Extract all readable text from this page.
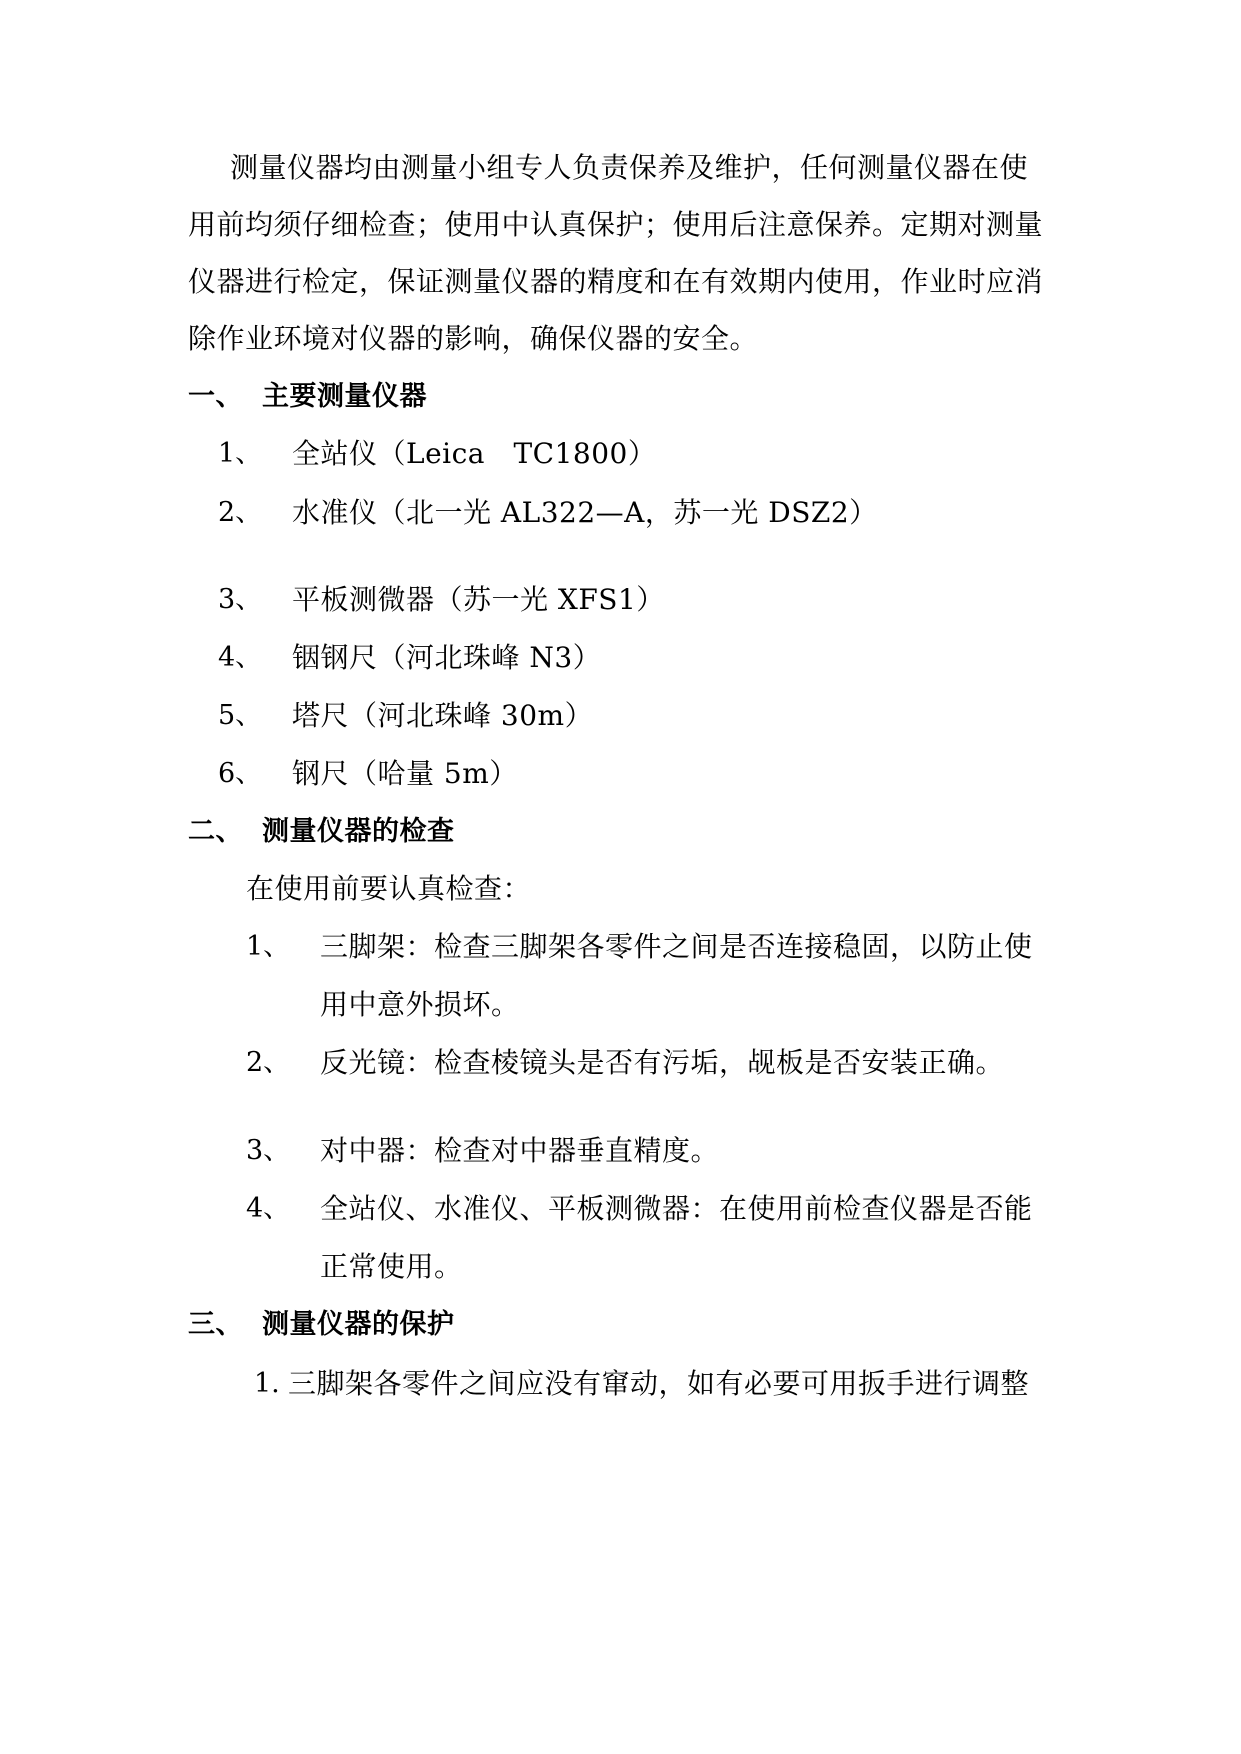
测量仪器均由测量小组专人负责保养及维护，任何测量仪器在使
用前均须仔细检查；使用中认真保护；使用后注意保养。定期对测量
仪器进行检定，保证测量仪器的精度和在有效期内使用，作业时应消
除作业环境对仪器的影响，确保仪器的安全。
一、 主要测量仪器
1、 全站仪（Leica　TC1800）
2、 水准仪（北一光 AL322—A，苏一光 DSZ2）
3、 平板测微器（苏一光 XFS1）
4、 铟钢尺（河北珠峰 N3）
5、 塔尺（河北珠峰 30m）
6、 钢尺（哈量 5m）
二、 测量仪器的检查
在使用前要认真检查：
1、 三脚架：检查三脚架各零件之间是否连接稳固，以防止使
用中意外损坏。
2、 反光镜：检查棱镜头是否有污垢，觇板是否安装正确。
3、 对中器：检查对中器垂直精度。
4、 全站仪、水准仪、平板测微器：在使用前检查仪器是否能
正常使用。
三、 测量仪器的保护
1. 三脚架各零件之间应没有窜动，如有必要可用扳手进行调整
